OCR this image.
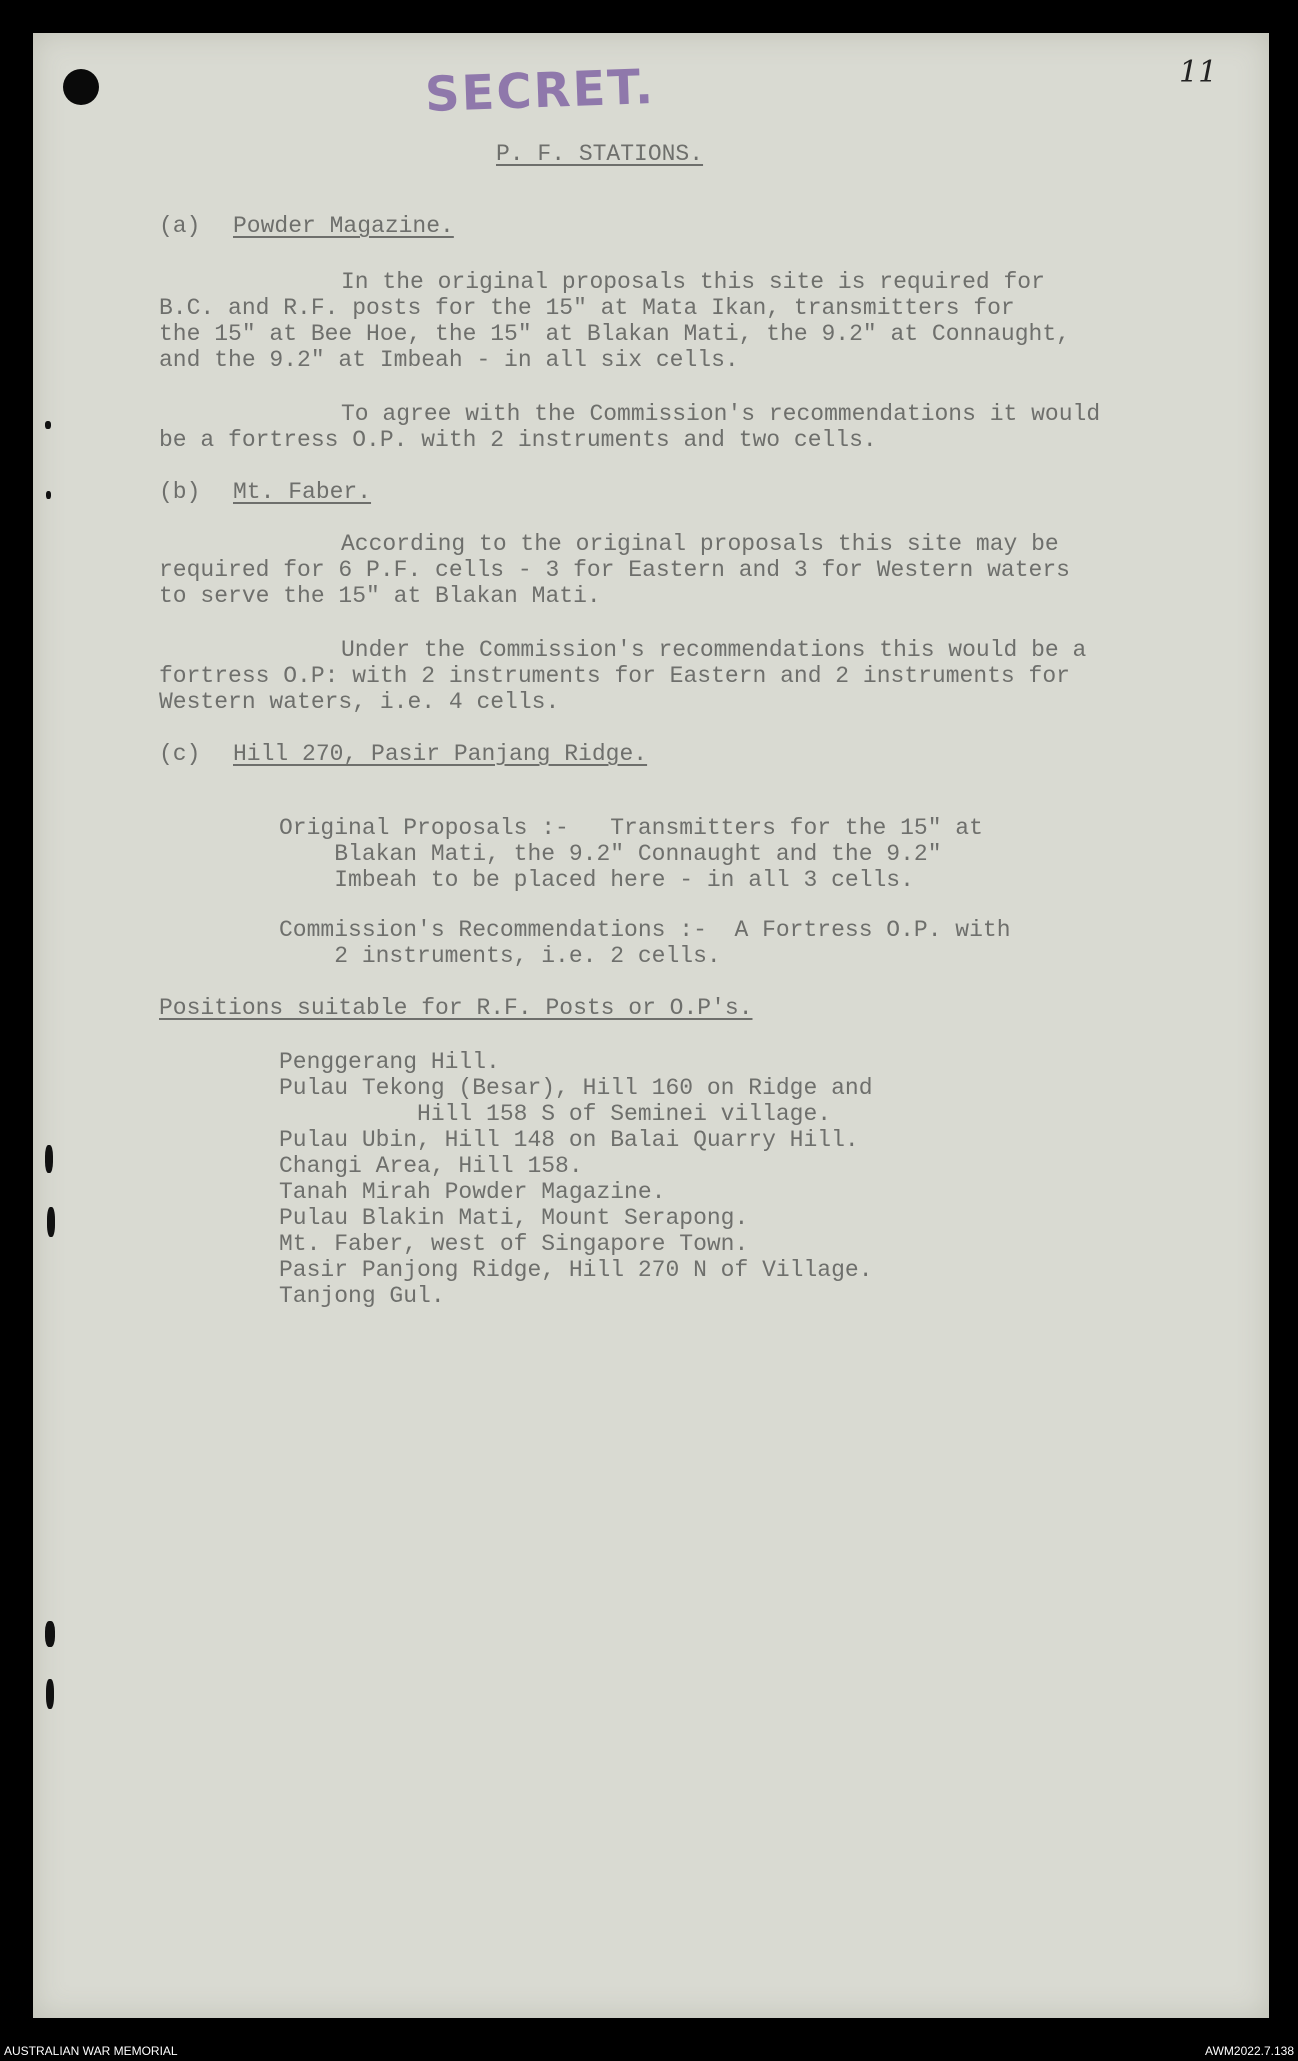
SECRET.	11
P. F. STATIONS.
(a) Powder Magazine.
In the original proposals this site is required for
B.C. and R.F. posts for the 15" at Mata Ikan, transmitters for
the 15" at Bee Hoe, the 15" at Blakan Mati, the 9.2" at Connaught,
and the 9.2" at Imbeah - in all six cells.
To agree with the Commission's recommendations it would
be a fortress O.P. with 2 instruments and two cells.
(b) Mt. Faber.
According to the original proposals this site may be
required for 6 P.F. cells - 3 for Eastern and 3 for Western waters
to serve the 15" at Blakan Mati.
Under the Commission's recommendations this would be a
fortress O.P: with 2 instruments for Eastern and 2 instruments for
Western waters, i.e. 4 cells.
(c) Hill 270, Pasir Panjang Ridge.
Original Proposals :-   Transmitters for the 15" at
Blakan Mati, the 9.2" Connaught and the 9.2"
Imbeah to be placed here - in all 3 cells.
Commission's Recommendations :-  A Fortress O.P. with
2 instruments, i.e. 2 cells.
Positions suitable for R.F. Posts or O.P's.
Penggerang Hill.
Pulau Tekong (Besar), Hill 160 on Ridge and
Hill 158 S of Seminei village.
Pulau Ubin, Hill 148 on Balai Quarry Hill.
Changi Area, Hill 158.
Tanah Mirah Powder Magazine.
Pulau Blakin Mati, Mount Serapong.
Mt. Faber, west of Singapore Town.
Pasir Panjong Ridge, Hill 270 N of Village.
Tanjong Gul.
AUSTRALIAN WAR MEMORIAL	AWM2022.7.138
